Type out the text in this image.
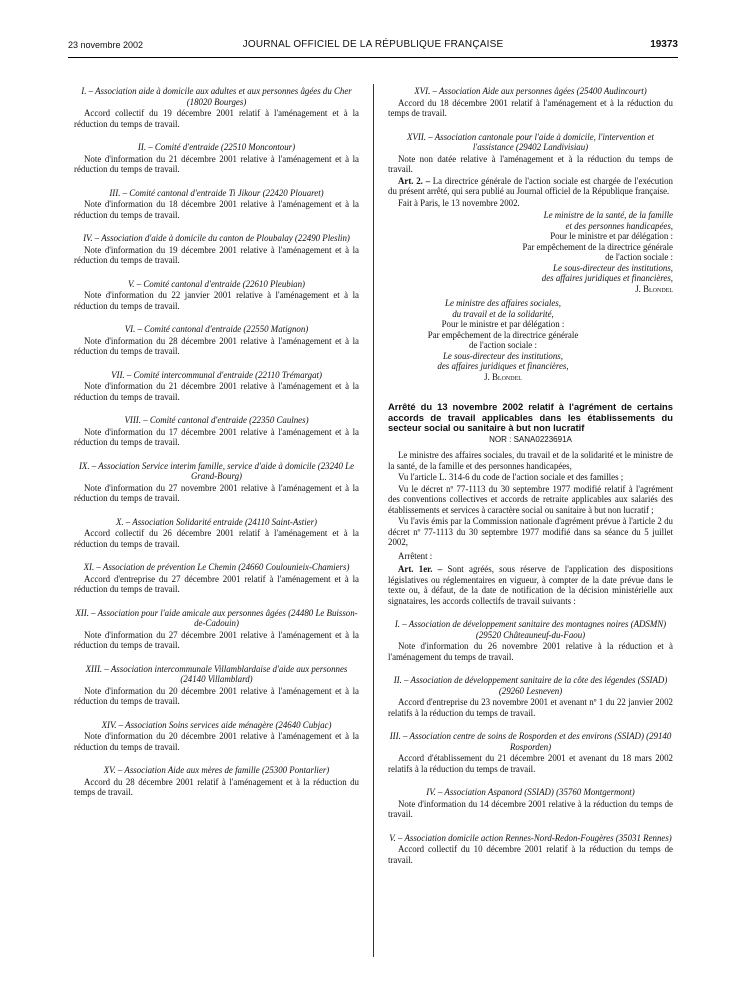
23 novembre 2002	JOURNAL OFFICIEL DE LA RÉPUBLIQUE FRANÇAISE	19373

I. – Association aide à domicile aux adultes et aux personnes âgées du Cher (18020 Bourges)

Accord collectif du 19 décembre 2001 relatif à l'aménagement et à la réduction du temps de travail.

II. – Comité d'entraide (22510 Moncontour)

Note d'information du 21 décembre 2001 relative à l'aménagement et à la réduction du temps de travail.

III. – Comité cantonal d'entraide Ti Jikour (22420 Plouaret)

Note d'information du 18 décembre 2001 relative à l'aménagement et à la réduction du temps de travail.

IV. – Association d'aide à domicile du canton de Ploubalay (22490 Pleslin)

Note d'information du 19 décembre 2001 relative à l'aménagement et à la réduction du temps de travail.

V. – Comité cantonal d'entraide (22610 Pleubian)

Note d'information du 22 janvier 2001 relative à l'aménagement et à la réduction du temps de travail.

VI. – Comité cantonal d'entraide (22550 Matignon)

Note d'information du 28 décembre 2001 relative à l'aménagement et à la réduction du temps de travail.

VII. – Comité intercommunal d'entraide (22110 Trémargat)

Note d'information du 21 décembre 2001 relative à l'aménagement et à la réduction du temps de travail.

VIII. – Comité cantonal d'entraide (22350 Caulnes)

Note d'information du 17 décembre 2001 relative à l'aménagement et à la réduction du temps de travail.

IX. – Association Service interim famille, service d'aide à domicile (23240 Le Grand-Bourg)

Note d'information du 27 novembre 2001 relative à l'aménagement et à la réduction du temps de travail.

X. – Association Solidarité entraide (24110 Saint-Astier)

Accord collectif du 26 décembre 2001 relatif à l'aménagement et à la réduction du temps de travail.

XI. – Association de prévention Le Chemin (24660 Coulounieix-Chamiers)

Accord d'entreprise du 27 décembre 2001 relatif à l'aménagement et à la réduction du temps de travail.

XII. – Association pour l'aide amicale aux personnes âgées (24480 Le Buisson-de-Cadouin)

Note d'information du 27 décembre 2001 relative à l'aménagement et à la réduction du temps de travail.

XIII. – Association intercommunale Villamblardaise d'aide aux personnes (24140 Villamblard)

Note d'information du 20 décembre 2001 relative à l'aménagement et à la réduction du temps de travail.

XIV. – Association Soins services aide ménagère (24640 Cubjac)

Note d'information du 20 décembre 2001 relative à l'aménagement et à la réduction du temps de travail.

XV. – Association Aide aux mères de famille (25300 Pontarlier)

Accord du 28 décembre 2001 relatif à l'aménagement et à la réduction du temps de travail.

XVI. – Association Aide aux personnes âgées (25400 Audincourt)

Accord du 18 décembre 2001 relatif à l'aménagement et à la réduction du temps de travail.

XVII. – Association cantonale pour l'aide à domicile, l'intervention et l'assistance (29402 Landivisiau)

Note non datée relative à l'aménagement et à la réduction du temps de travail.

Art. 2. – La directrice générale de l'action sociale est chargée de l'exécution du présent arrêté, qui sera publié au Journal officiel de la République française.

Fait à Paris, le 13 novembre 2002.

Le ministre de la santé, de la famille

et des personnes handicapées,

Pour le ministre et par délégation :

Par empêchement de la directrice générale

de l'action sociale :

Le sous-directeur des institutions,

des affaires juridiques et financières,

J. Blondel

Le ministre des affaires sociales,

du travail et de la solidarité,

Pour le ministre et par délégation :

Par empêchement de la directrice générale

de l'action sociale :

Le sous-directeur des institutions,

des affaires juridiques et financières,

J. Blondel

Arrêté du 13 novembre 2002 relatif à l'agrément de certains accords de travail applicables dans les établissements du secteur social ou sanitaire à but non lucratif

NOR : SANA0223691A

Le ministre des affaires sociales, du travail et de la solidarité et le ministre de la santé, de la famille et des personnes handicapées,

Vu l'article L. 314-6 du code de l'action sociale et des familles ;

Vu le décret nº 77-1113 du 30 septembre 1977 modifié relatif à l'agrément des conventions collectives et accords de retraite applicables aux salariés des établissements et services à caractère social ou sanitaire à but non lucratif ;

Vu l'avis émis par la Commission nationale d'agrément prévue à l'article 2 du décret nº 77-1113 du 30 septembre 1977 modifié dans sa séance du 5 juillet 2002,

Arrêtent :

Art. 1er. – Sont agréés, sous réserve de l'application des dispositions législatives ou réglementaires en vigueur, à compter de la date prévue dans le texte ou, à défaut, de la date de notification de la décision ministérielle aux signataires, les accords collectifs de travail suivants :

I. – Association de développement sanitaire des montagnes noires (ADSMN) (29520 Châteauneuf-du-Faou)

Note d'information du 26 novembre 2001 relative à la réduction et à l'aménagement du temps de travail.

II. – Association de développement sanitaire de la côte des légendes (SSIAD) (29260 Lesneven)

Accord d'entreprise du 23 novembre 2001 et avenant nº 1 du 22 janvier 2002 relatifs à la réduction du temps de travail.

III. – Association centre de soins de Rosporden et des environs (SSIAD) (29140 Rosporden)

Accord d'établissement du 21 décembre 2001 et avenant du 18 mars 2002 relatifs à la réduction du temps de travail.

IV. – Association Aspanord (SSIAD) (35760 Montgermont)

Note d'information du 14 décembre 2001 relative à la réduction du temps de travail.

V. – Association domicile action Rennes-Nord-Redon-Fougères (35031 Rennes)

Accord collectif du 10 décembre 2001 relatif à la réduction du temps de travail.
